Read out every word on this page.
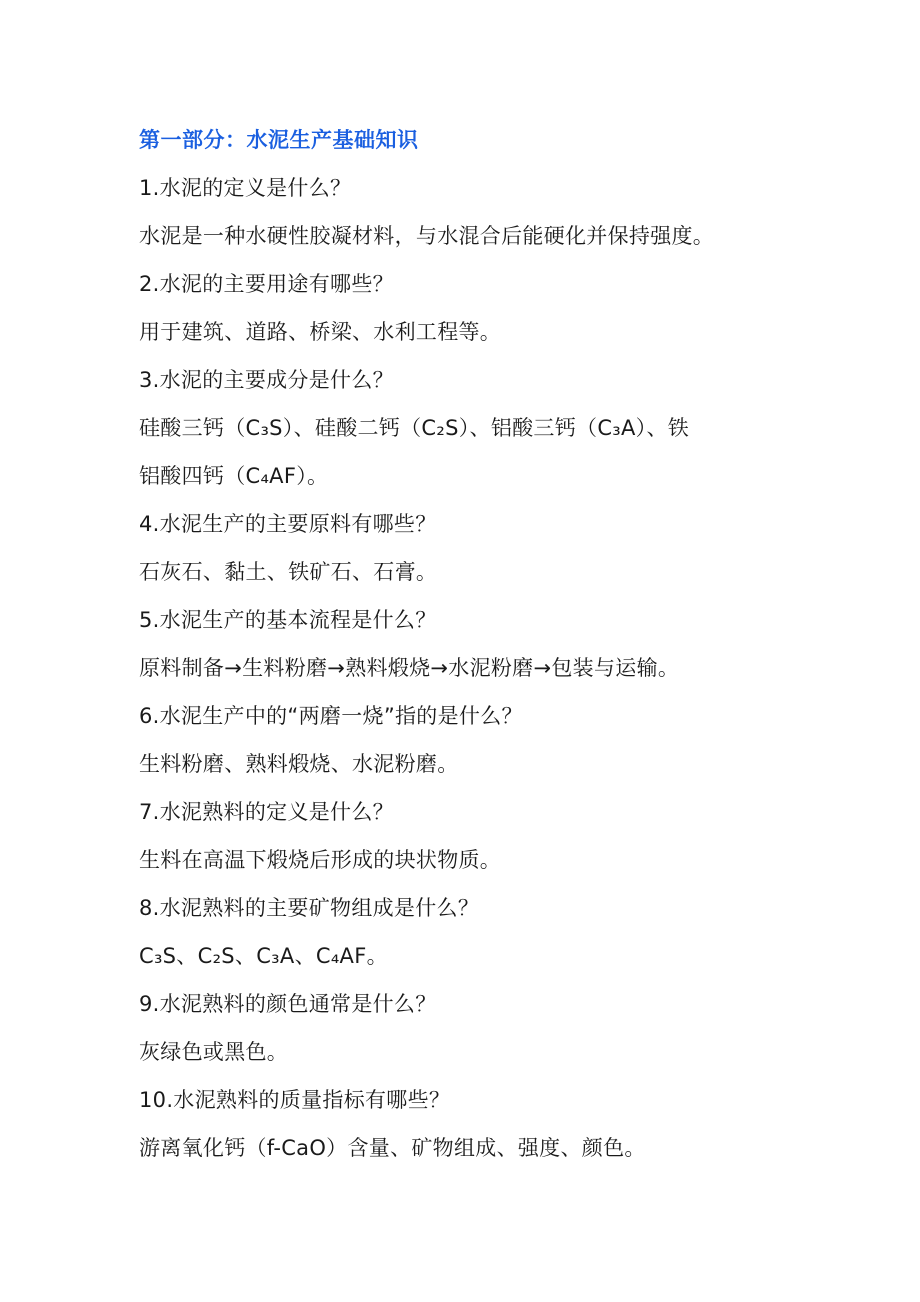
第一部分：水泥生产基础知识

1.水泥的定义是什么？

水泥是一种水硬性胶凝材料，与水混合后能硬化并保持强度。

2.水泥的主要用途有哪些？

用于建筑、道路、桥梁、水利工程等。

3.水泥的主要成分是什么？

硅酸三钙（C₃S）、硅酸二钙（C₂S）、铝酸三钙（C₃A）、铁

铝酸四钙（C₄AF）。

4.水泥生产的主要原料有哪些？

石灰石、黏土、铁矿石、石膏。

5.水泥生产的基本流程是什么？

原料制备→生料粉磨→熟料煅烧→水泥粉磨→包装与运输。

6.水泥生产中的“两磨一烧”指的是什么？

生料粉磨、熟料煅烧、水泥粉磨。

7.水泥熟料的定义是什么？

生料在高温下煅烧后形成的块状物质。

8.水泥熟料的主要矿物组成是什么？

C₃S、C₂S、C₃A、C₄AF。

9.水泥熟料的颜色通常是什么？

灰绿色或黑色。

10.水泥熟料的质量指标有哪些？

游离氧化钙（f-CaO）含量、矿物组成、强度、颜色。
